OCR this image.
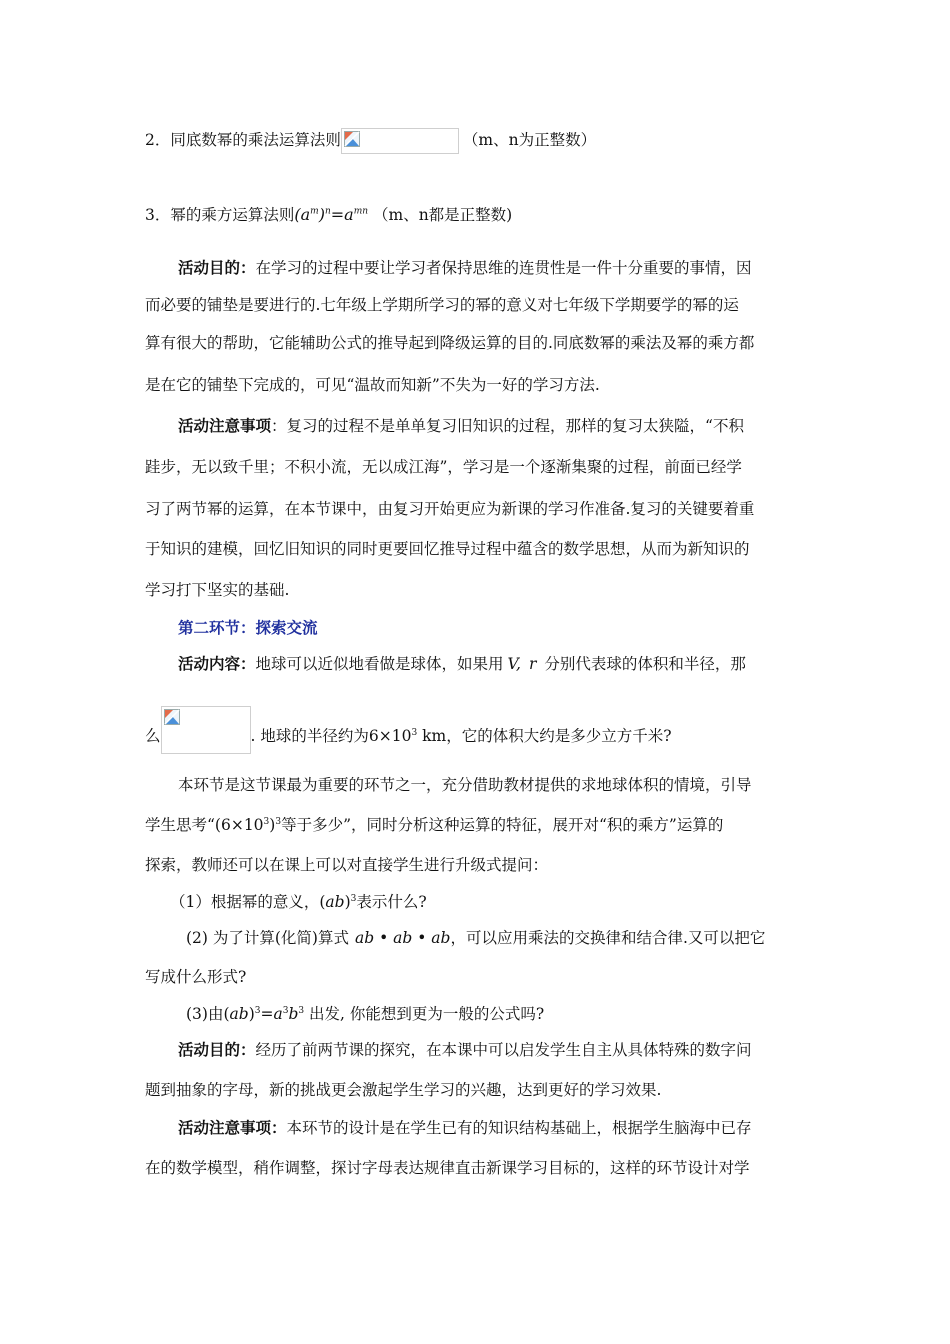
2．同底数幂的乘法运算法则	（m、n为正整数）
3．幂的乘方运算法则$(a^m)^n=a^{mn}$ （m、n都是正整数)
活动目的：在学习的过程中要让学习者保持思维的连贯性是一件十分重要的事情，因
而必要的铺垫是要进行的.七年级上学期所学习的幂的意义对七年级下学期要学的幂的运
算有很大的帮助，它能辅助公式的推导起到降级运算的目的.同底数幂的乘法及幂的乘方都
是在它的铺垫下完成的，可见“温故而知新”不失为一好的学习方法.
活动注意事项：复习的过程不是单单复习旧知识的过程，那样的复习太狭隘，“不积
跬步，无以致千里；不积小流，无以成江海”，学习是一个逐渐集聚的过程，前面已经学
习了两节幂的运算，在本节课中，由复习开始更应为新课的学习作准备.复习的关键要着重
于知识的建模，回忆旧知识的同时更要回忆推导过程中蕴含的数学思想，从而为新知识的
学习打下坚实的基础.
第二环节：探索交流
活动内容：地球可以近似地看做是球体，如果用 V, r 分别代表球的体积和半径，那
么	. 地球的半径约为$6\times 10^3$ km，它的体积大约是多少立方千米?
本环节是这节课最为重要的环节之一，充分借助教材提供的求地球体积的情境，引导
学生思考“$(6\times 10^3)^3$等于多少”，同时分析这种运算的特征，展开对“积的乘方”运算的
探索，教师还可以在课上可以对直接学生进行升级式提问：
（1）根据幂的意义，(ab)$^3$表示什么?
(2) 为了计算(化简)算式 ab • ab • ab，可以应用乘法的交换律和结合律.又可以把它
写成什么形式?
(3)由$(ab)^3=a^3b^3$ 出发, 你能想到更为一般的公式吗?
活动目的：经历了前两节课的探究，在本课中可以启发学生自主从具体特殊的数字问
题到抽象的字母，新的挑战更会激起学生学习的兴趣，达到更好的学习效果.
活动注意事项：本环节的设计是在学生已有的知识结构基础上，根据学生脑海中已存
在的数学模型，稍作调整，探讨字母表达规律直击新课学习目标的，这样的环节设计对学
